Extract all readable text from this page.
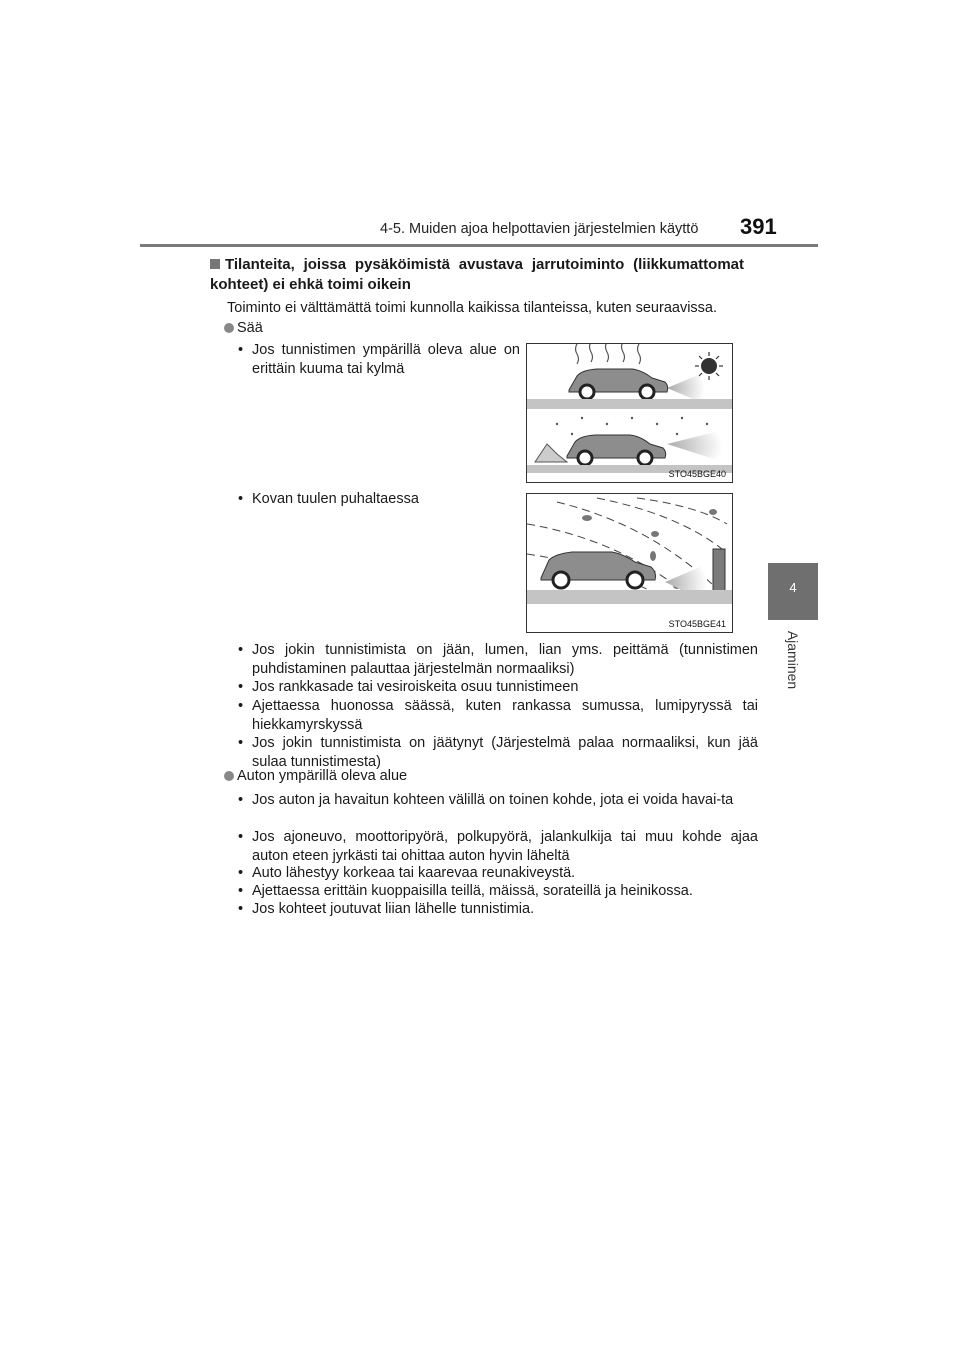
4-5. Muiden ajoa helpottavien järjestelmien käyttö 391
4
Ajaminen
Tilanteita, joissa pysäköimistä avustava jarrutoiminto (liikkumattomat kohteet) ei ehkä toimi oikein
Toiminto ei välttämättä toimi kunnolla kaikissa tilanteissa, kuten seuraavissa.
Sää
• Jos tunnistimen ympärillä oleva alue on erittäin kuuma tai kylmä
• Kovan tuulen puhaltaessa
STO45BGE40
STO45BGE41
• Jos jokin tunnistimista on jään, lumen, lian yms. peittämä (tunnistimen puhdistaminen palauttaa järjestelmän normaaliksi)
• Jos rankkasade tai vesiroiskeita osuu tunnistimeen
• Ajettaessa huonossa säässä, kuten rankassa sumussa, lumipyryssä tai hiekkamyrskyssä
• Jos jokin tunnistimista on jäätynyt (Järjestelmä palaa normaaliksi, kun jää sulaa tunnistimesta)
Auton ympärillä oleva alue
• Jos auton ja havaitun kohteen välillä on toinen kohde, jota ei voida havai-ta
• Jos ajoneuvo, moottoripyörä, polkupyörä, jalankulkija tai muu kohde ajaa auton eteen jyrkästi tai ohittaa auton hyvin läheltä
• Auto lähestyy korkeaa tai kaarevaa reunakiveystä.
• Ajettaessa erittäin kuoppaisilla teillä, mäissä, sorateillä ja heinikossa.
• Jos kohteet joutuvat liian lähelle tunnistimia.
